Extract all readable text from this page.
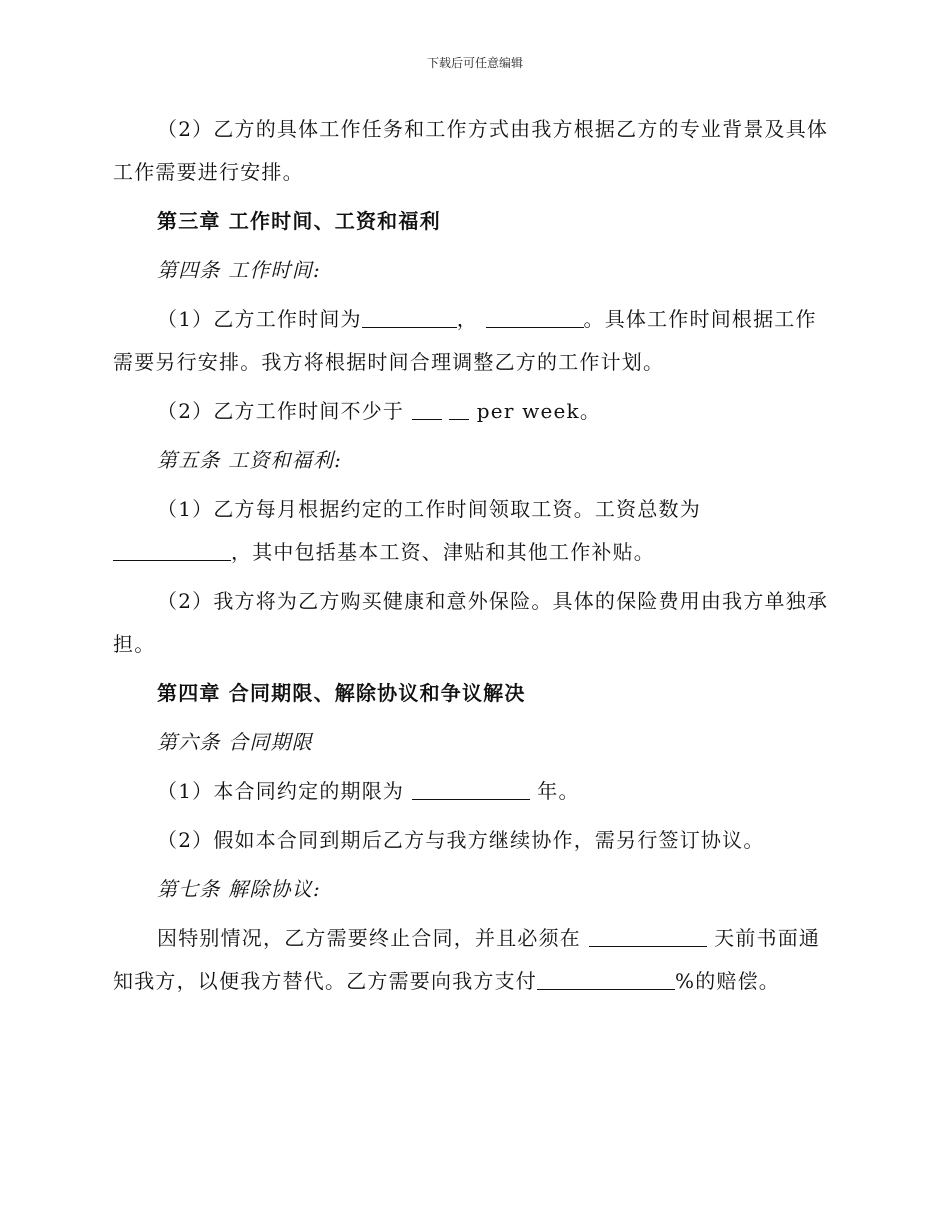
下载后可任意编辑

（2）乙方的具体工作任务和工作方式由我方根据乙方的专业背景及具体工作需要进行安排。

第三章 工作时间、工资和福利

第四条 工作时间:

（1）乙方工作时间为	，	。具体工作时间根据工作需要另行安排。我方将根据时间合理调整乙方的工作计划。

（2）乙方工作时间不少于	per week。

第五条 工资和福利:

（1）乙方每月根据约定的工作时间领取工资。工资总数为
，其中包括基本工资、津贴和其他工作补贴。

（2）我方将为乙方购买健康和意外保险。具体的保险费用由我方单独承担。

第四章 合同期限、解除协议和争议解决

第六条 合同期限

（1）本合同约定的期限为	年。

（2）假如本合同到期后乙方与我方继续协作，需另行签订协议。

第七条 解除协议:

因特别情况，乙方需要终止合同，并且必须在	天前书面通知我方，以便我方替代。乙方需要向我方支付	%的赔偿。
